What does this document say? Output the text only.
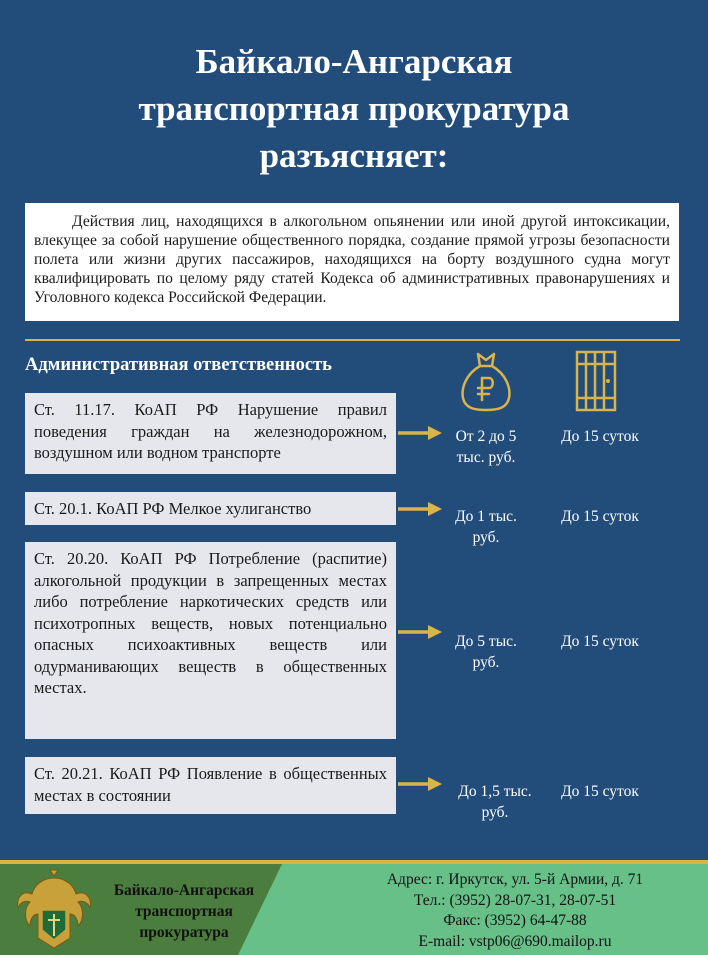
Байкало-Ангарская
транспортная прокуратура
разъясняет:
Действия лиц, находящихся в алкогольном опьянении или иной другой интоксикации, влекущее за собой нарушение общественного порядка, создание прямой угрозы безопасности полета или жизни других пассажиров, находящихся на борту воздушного судна могут квалифицировать по целому ряду статей Кодекса об административных правонарушениях и Уголовного кодекса Российской Федерации.
Административная ответственность
Ст. 11.17. КоАП РФ Нарушение правил поведения граждан на железнодорожном, воздушном или водном транспорте
От 2 до 5 тыс. руб.
До 15 суток
Ст. 20.1. КоАП РФ Мелкое хулиганство	До 1 тыс. руб.
До 15 суток
Ст. 20.20. КоАП РФ Потребление (распитие) алкогольной продукции в запрещенных местах либо потребление наркотических средств или психотропных веществ, новых потенциально опасных психоактивных веществ или одурманивающих веществ в общественных местах.
До 5 тыс. руб.
До 15 суток
Ст. 20.21. КоАП РФ Появление в общественных местах в состоянии	До 1,5 тыс. руб.
До 15 суток
Байкало-Ангарская транспортная прокуратура
Адрес: г. Иркутск, ул. 5-й Армии, д. 71
Тел.: (3952) 28-07-31, 28-07-51
Факс: (3952) 64-47-88
E-mail: vstp06@690.mailop.ru
